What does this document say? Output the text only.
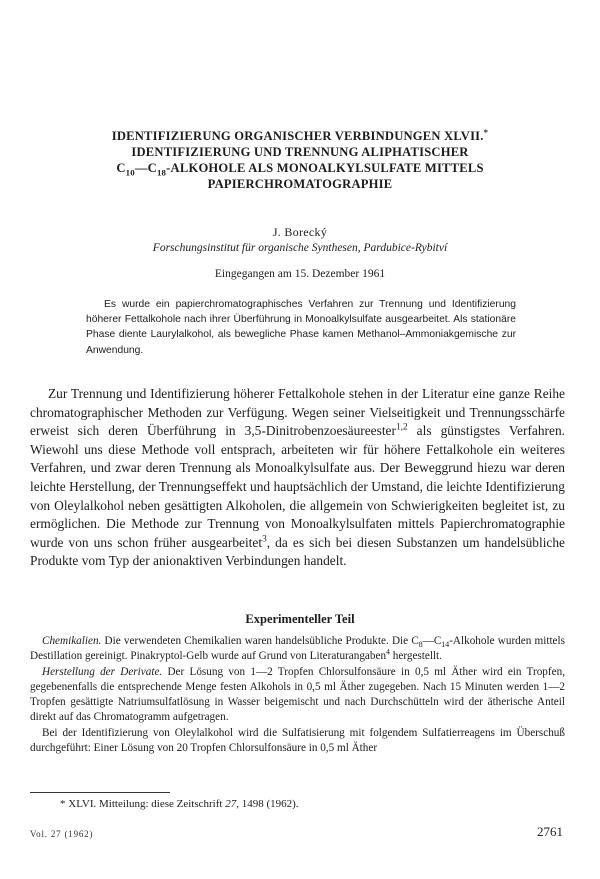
IDENTIFIZIERUNG ORGANISCHER VERBINDUNGEN XLVII.*
IDENTIFIZIERUNG UND TRENNUNG ALIPHATISCHER
$C_{10}—C_{18}$-ALKOHOLE ALS MONOALKYLSULFATE MITTELS
PAPIERCHROMATOGRAPHIE
J. Borecký
Forschungsinstitut für organische Synthesen, Pardubice-Rybitví
Eingegangen am 15. Dezember 1961

Es wurde ein papierchromatographisches Verfahren zur Trennung und Identifizierung höherer Fettalkohole nach ihrer Überführung in Monoalkylsulfate ausgearbeitet. Als stationäre Phase diente Laurylalkohol, als bewegliche Phase kamen Methanol–Ammoniakgemische zur Anwendung.

Zur Trennung und Identifizierung höherer Fettalkohole stehen in der Literatur eine ganze Reihe chromatographischer Methoden zur Verfügung. Wegen seiner Vielseitigkeit und Trennungsschärfe erweist sich deren Überführung in 3,5-Dinitrobenzoesäureester$^{1,2}$ als günstigstes Verfahren. Wiewohl uns diese Methode voll entsprach, arbeiteten wir für höhere Fettalkohole ein weiteres Verfahren, und zwar deren Trennung als Monoalkylsulfate aus. Der Beweggrund hiezu war deren leichte Herstellung, der Trennungseffekt und hauptsächlich der Umstand, die leichte Identifizierung von Oleylalkohol neben gesättigten Alkoholen, die allgemein von Schwierigkeiten begleitet ist, zu ermöglichen. Die Methode zur Trennung von Monoalkylsulfaten mittels Papierchromatographie wurde von uns schon früher ausgearbeitet$^3$, da es sich bei diesen Substanzen um handelsübliche Produkte vom Typ der anionaktiven Verbindungen handelt.

Experimenteller Teil

Chemikalien. Die verwendeten Chemikalien waren handelsübliche Produkte. Die $C_8—C_{14}$-Alkohole wurden mittels Destillation gereinigt. Pinakryptol-Gelb wurde auf Grund von Literaturangaben$^4$ hergestellt.

Herstellung der Derivate. Der Lösung von 1—2 Tropfen Chlorsulfonsäure in 0,5 ml Äther wird ein Tropfen, gegebenenfalls die entsprechende Menge festen Alkohols in 0,5 ml Äther zugegeben. Nach 15 Minuten werden 1—2 Tropfen gesättigte Natriumsulfatlösung in Wasser beigemischt und nach Durchschütteln wird der ätherische Anteil direkt auf das Chromatogramm aufgetragen.

Bei der Identifizierung von Oleylalkohol wird die Sulfatisierung mit folgendem Sulfatierreagens im Überschuß durchgeführt: Einer Lösung von 20 Tropfen Chlorsulfonsäure in 0,5 ml Äther

* XLVI. Mitteilung: diese Zeitschrift 27, 1498 (1962).
Vol. 27 (1962)	2761
